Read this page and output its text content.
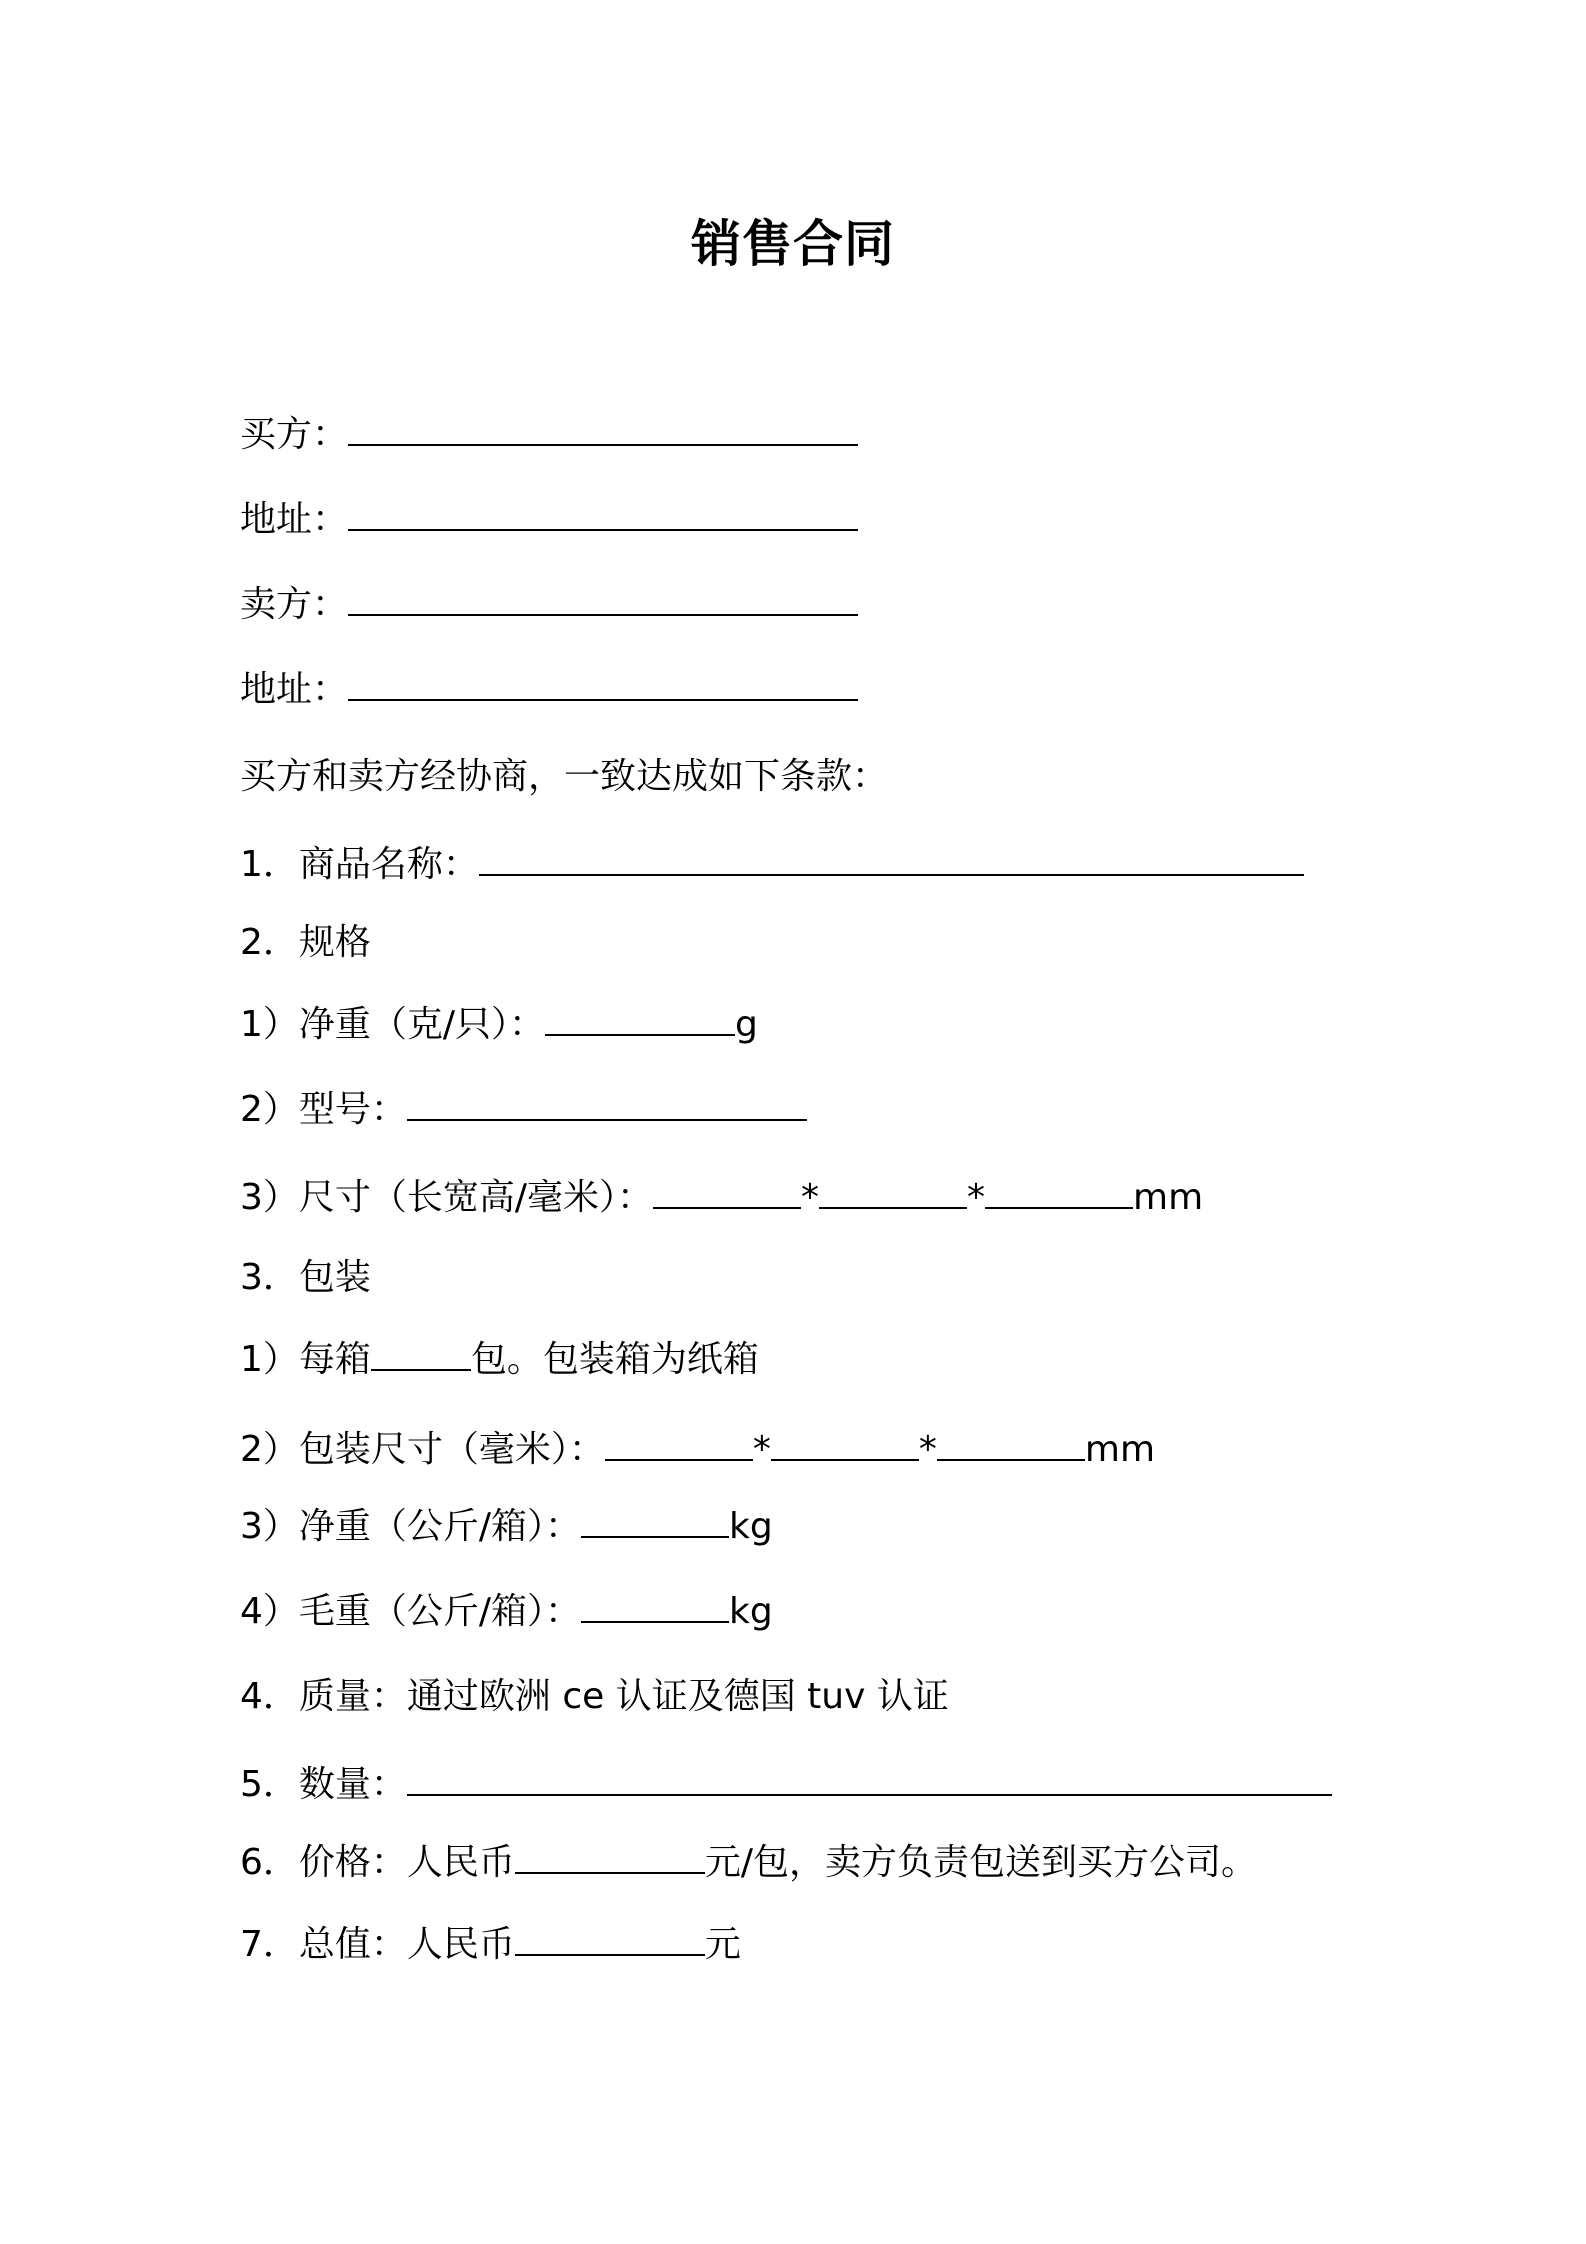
销售合同
买方：
地址：
卖方：
地址：
买方和卖方经协商，一致达成如下条款：
1．商品名称：
2．规格
1）净重（克/只）：	g
2）型号：
3）尺寸（长宽高/毫米）：	*	*	mm
3．包装
1）每箱	包。包装箱为纸箱
2）包装尺寸（毫米）：	*	*	mm
3）净重（公斤/箱）：	kg
4）毛重（公斤/箱）：	kg
4．质量：通过欧洲 ce 认证及德国 tuv 认证
5．数量：
6．价格：人民币	元/包，卖方负责包送到买方公司。
7．总值：人民币	元
